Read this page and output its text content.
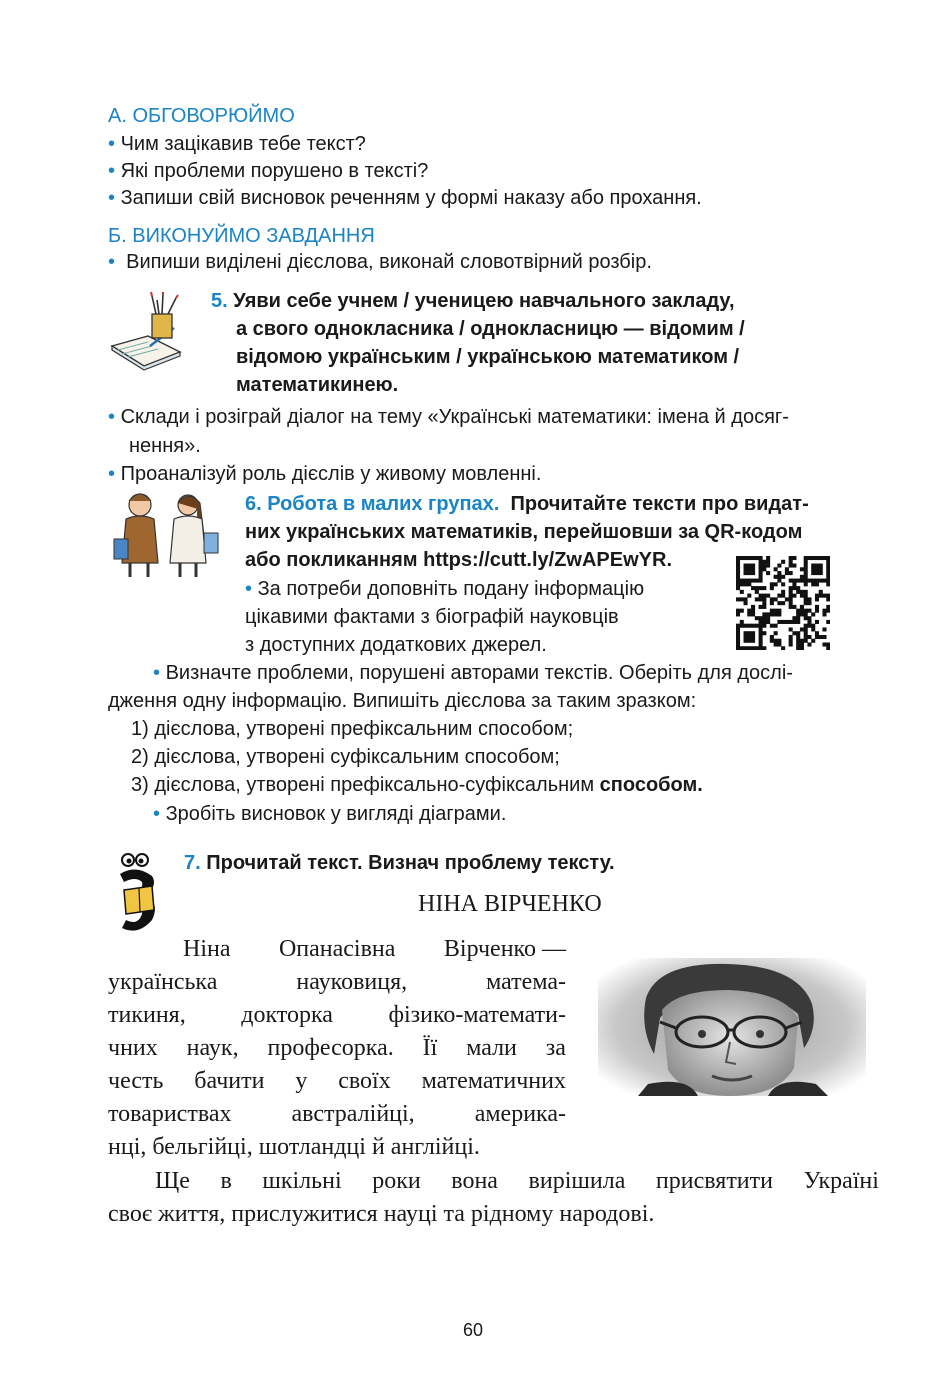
А. ОБГОВОРЮЙМО
• Чим зацікавив тебе текст?
• Які проблеми порушено в тексті?
• Запиши свій висновок реченням у формі наказу або прохання.
Б. ВИКОНУЙМО ЗАВДАННЯ
• Випиши виділені дієслова, виконай словотвірний розбір.
5. Уяви себе учнем / ученицею навчального закладу,
а свого однокласника / однокласницю — відомим /
відомою українським / українською математиком /
математикинею.
• Склади і розіграй діалог на тему «Українські математики: імена й досяг-
нення».
• Проаналізуй роль дієслів у живому мовленні.
6. Робота в малих групах. Прочитайте тексти про видат-
них українських математиків, перейшовши за QR-кодом
або покликанням https://cutt.ly/ZwAPEwYR.
• За потреби доповніть подану інформацію
цікавими фактами з біографій науковців
з доступних додаткових джерел.
• Визначте проблеми, порушені авторами текстів. Оберіть для дослі-
дження одну інформацію. Випишіть дієслова за таким зразком:
1) дієслова, утворені префіксальним способом;
2) дієслова, утворені суфіксальним способом;
3) дієслова, утворені префіксально-суфіксальним способом.
• Зробіть висновок у вигляді діаграми.
7. Прочитай текст. Визнач проблему тексту.
НІНА ВІРЧЕНКО
Ніна Опанасівна Вірченко —
українська	науковиця,	матема-
тикиня, докторка фізико-математи-
чних наук, професорка. Її мали за
честь бачити у своїх математичних
товариствах	австралійці,	америка-
нці, бельгійці, шотландці й англійці.
Ще в шкільні роки вона вирішила присвятити Україні
своє життя, прислужитися науці та рідному народові.
60
